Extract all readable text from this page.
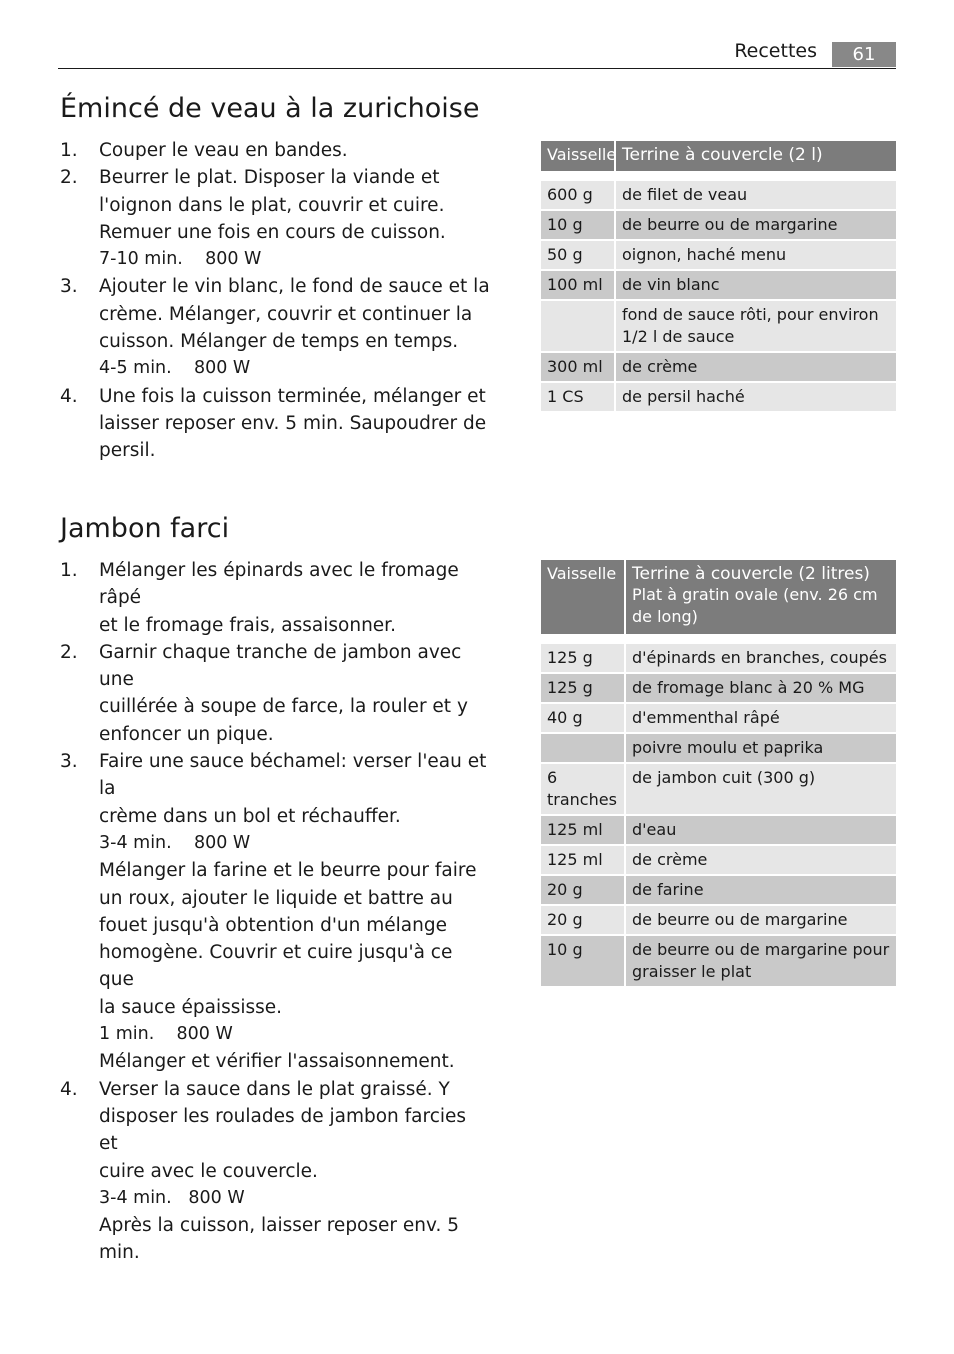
Recettes	61
Émincé de veau à la zurichoise
1. Couper le veau en bandes.
2. Beurrer le plat. Disposer la viande et
l'oignon dans le plat, couvrir et cuire.
Remuer une fois en cours de cuisson.
7-10 min.    800 W
3. Ajouter le vin blanc, le fond de sauce et la
crème. Mélanger, couvrir et continuer la
cuisson. Mélanger de temps en temps.
4-5 min.    800 W
4. Une fois la cuisson terminée, mélanger et
laisser reposer env. 5 min. Saupoudrer de
persil.
Vaisselle	Terrine à couvercle (2 l)

600 g	de filet de veau
10 g	de beurre ou de margarine
50 g	oignon, haché menu
100 ml	de vin blanc

	fond de sauce rôti, pour environ
1/2 l de sauce

300 ml	de crème
1 CS	de persil haché
Jambon farci
1. Mélanger les épinards avec le fromage râpé
et le fromage frais, assaisonner.
2. Garnir chaque tranche de jambon avec une
cuillérée à soupe de farce, la rouler et y
enfoncer un pique.
3. Faire une sauce béchamel: verser l'eau et la
crème dans un bol et réchauffer.
3-4 min.    800 W
Mélanger la farine et le beurre pour faire
un roux, ajouter le liquide et battre au
fouet jusqu'à obtention d'un mélange
homogène. Couvrir et cuire jusqu'à ce que
la sauce épaississe.
1 min.    800 W
Mélanger et vérifier l'assaisonnement.
4. Verser la sauce dans le plat graissé. Y
disposer les roulades de jambon farcies et
cuire avec le couvercle.
3-4 min.   800 W
Après la cuisson, laisser reposer env. 5 min.
Vaisselle	Terrine à couvercle (2 litres)
Plat à gratin ovale (env. 26 cm de long)

125 g	d'épinards en branches, coupés
125 g	de fromage blanc à 20 % MG
40 g	d'emmenthal râpé
	poivre moulu et paprika
6 tranches	de jambon cuit (300 g)
125 ml	d'eau
125 ml	de crème
20 g	de farine
20 g	de beurre ou de margarine
10 g	de beurre ou de margarine pour
graisser le plat
